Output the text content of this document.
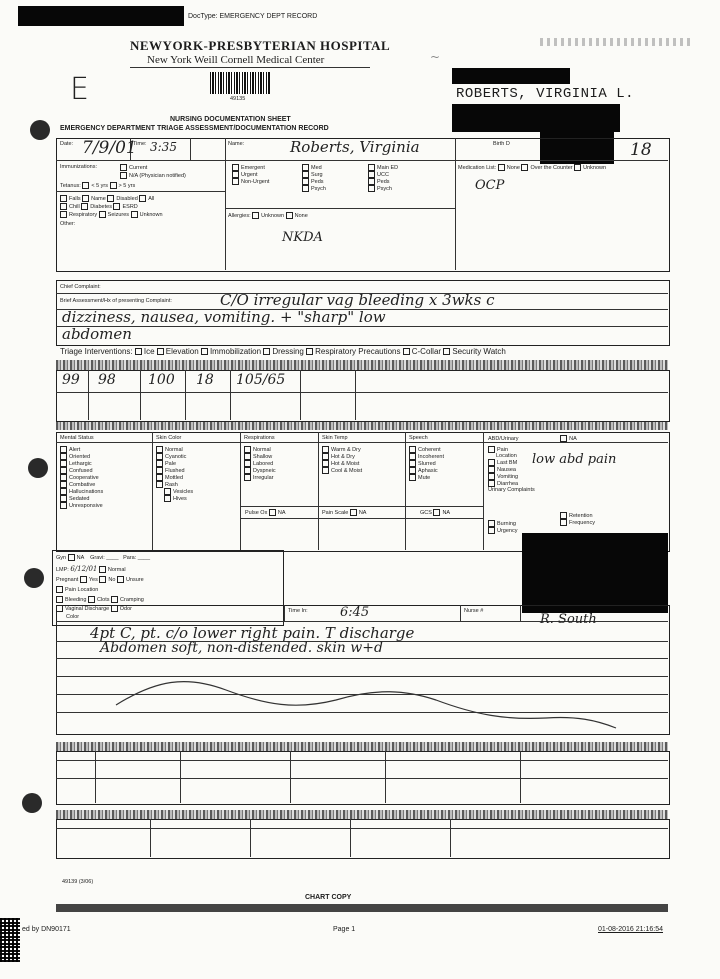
DocType: EMERGENCY DEPT RECORD
NEWYORK-PRESBYTERIAN HOSPITAL
New York Weill Cornell Medical Center	~
E	49135	ROBERTS, VIRGINIA L.
NURSING DOCUMENTATION SHEET
EMERGENCY DEPARTMENT TRIAGE ASSESSMENT/DOCUMENTATION RECORD
Date: 7/9/01
Time: 3:35	Name:	Roberts, Virginia	Birth D	18
Immunizations:	Current
N/A (Physician notified)
Tetanus: < 5 yrs > 5 yrs
Falls Name Disabled All
Chill Diabetes ESRD
Respiratory Seizures Unknown
Other:
Emergent
Urgent
Non-Urgent
Med
Surg
Peds
Psych
Main ED
UCC
Peds
Psych
Medication List: None Over the Counter Unknown
OCP
Allergies: Unknown None
NKDA
Chief Complaint:
Brief Assessment/Hx of presenting Complaint:	C/O irregular vag bleeding x 3wks c
dizziness, nausea, vomiting. + "sharp" low
abdomen
Triage Interventions: Ice Elevation Immobilization Dressing Respiratory Precautions C-Collar Security Watch
99 98 100 18 105/65
Mental Status
Alert
Oriented
Lethargic
Confused
Cooperative
Combative
Hallucinations
Sedated
Unresponsive
Skin Color
Normal
Cyanotic
Pale
Flushed
Mottled
Rash
Vesicles
Hives
Respirations
Normal
Shallow
Labored
Dyspneic
Irregular
Skin Temp
Warm & Dry
Hot & Dry
Hot & Moist
Cool & Moist
Speech
Coherent
Incoherent
Slurred
Aphasic
Mute
Pulse Ox NA	Pain Scale NA	GCS NA
ABD/Urinary	NA
Pain
Location
Last BM
Nausea
Vomiting
Diarrhea
Urinary Complaints
low abd pain
Burning
Urgency
Retention
Frequency
Gyn NA Gravi: ____   Para: ____
LMP: 6/12/01 Normal
Pregnant Yes No Unsure
Pain Location
Bleeding Clots Cramping
Vaginal Discharge Odor
Color
Time In: 6:45	Nurse #
R. South
4pt C, pt. c/o lower right pain. T discharge
Abdomen soft, non-distended. skin w+d
49139 (3/06)
CHART COPY
ed by DN90171	Page 1	01-08-2016 21:16:54
